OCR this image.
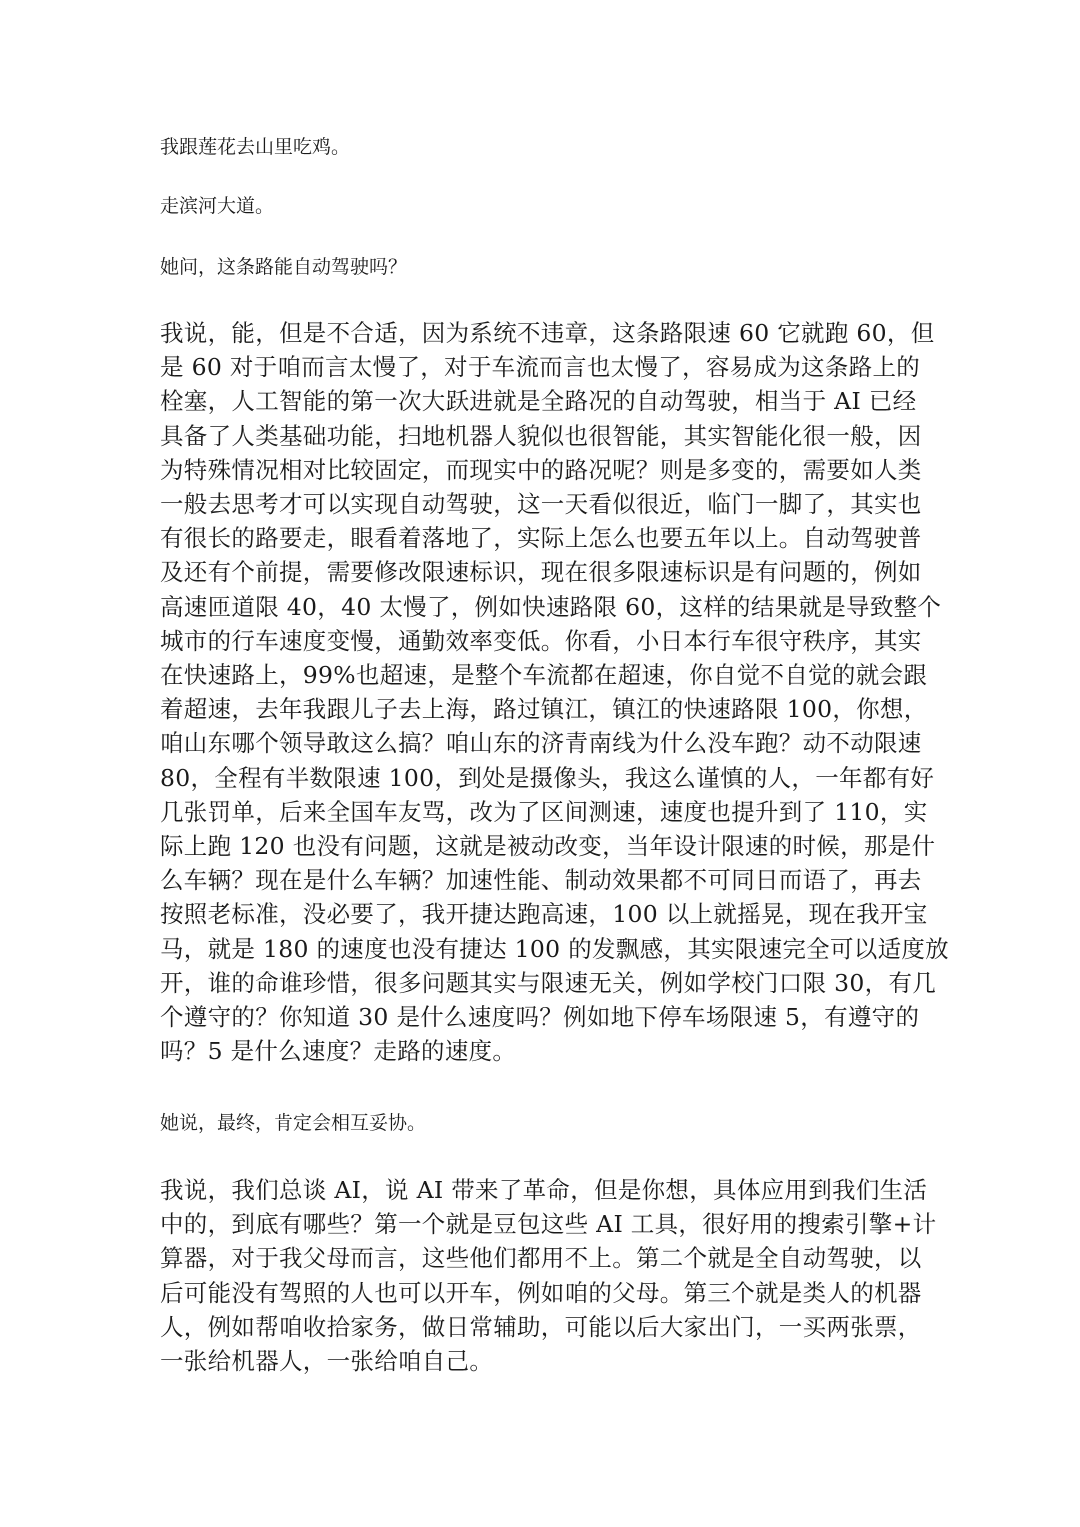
我跟莲花去山里吃鸡。

走滨河大道。

她问，这条路能自动驾驶吗？

我说，能，但是不合适，因为系统不违章，这条路限速 60 它就跑 60，但
是 60 对于咱而言太慢了，对于车流而言也太慢了，容易成为这条路上的
栓塞，人工智能的第一次大跃进就是全路况的自动驾驶，相当于 AI 已经
具备了人类基础功能，扫地机器人貌似也很智能，其实智能化很一般，因
为特殊情况相对比较固定，而现实中的路况呢？则是多变的，需要如人类
一般去思考才可以实现自动驾驶，这一天看似很近，临门一脚了，其实也
有很长的路要走，眼看着落地了，实际上怎么也要五年以上。自动驾驶普
及还有个前提，需要修改限速标识，现在很多限速标识是有问题的，例如
高速匝道限 40，40 太慢了，例如快速路限 60，这样的结果就是导致整个
城市的行车速度变慢，通勤效率变低。你看，小日本行车很守秩序，其实
在快速路上，99%也超速，是整个车流都在超速，你自觉不自觉的就会跟
着超速，去年我跟儿子去上海，路过镇江，镇江的快速路限 100，你想，
咱山东哪个领导敢这么搞？咱山东的济青南线为什么没车跑？动不动限速
80，全程有半数限速 100，到处是摄像头，我这么谨慎的人，一年都有好
几张罚单，后来全国车友骂，改为了区间测速，速度也提升到了 110，实
际上跑 120 也没有问题，这就是被动改变，当年设计限速的时候，那是什
么车辆？现在是什么车辆？加速性能、制动效果都不可同日而语了，再去
按照老标准，没必要了，我开捷达跑高速，100 以上就摇晃，现在我开宝
马，就是 180 的速度也没有捷达 100 的发飘感，其实限速完全可以适度放
开，谁的命谁珍惜，很多问题其实与限速无关，例如学校门口限 30，有几
个遵守的？你知道 30 是什么速度吗？例如地下停车场限速 5，有遵守的
吗？5 是什么速度？走路的速度。

她说，最终，肯定会相互妥协。

我说，我们总谈 AI，说 AI 带来了革命，但是你想，具体应用到我们生活
中的，到底有哪些？第一个就是豆包这些 AI 工具，很好用的搜索引擎+计
算器，对于我父母而言，这些他们都用不上。第二个就是全自动驾驶，以
后可能没有驾照的人也可以开车，例如咱的父母。第三个就是类人的机器
人，例如帮咱收拾家务，做日常辅助，可能以后大家出门，一买两张票，
一张给机器人，一张给咱自己。
